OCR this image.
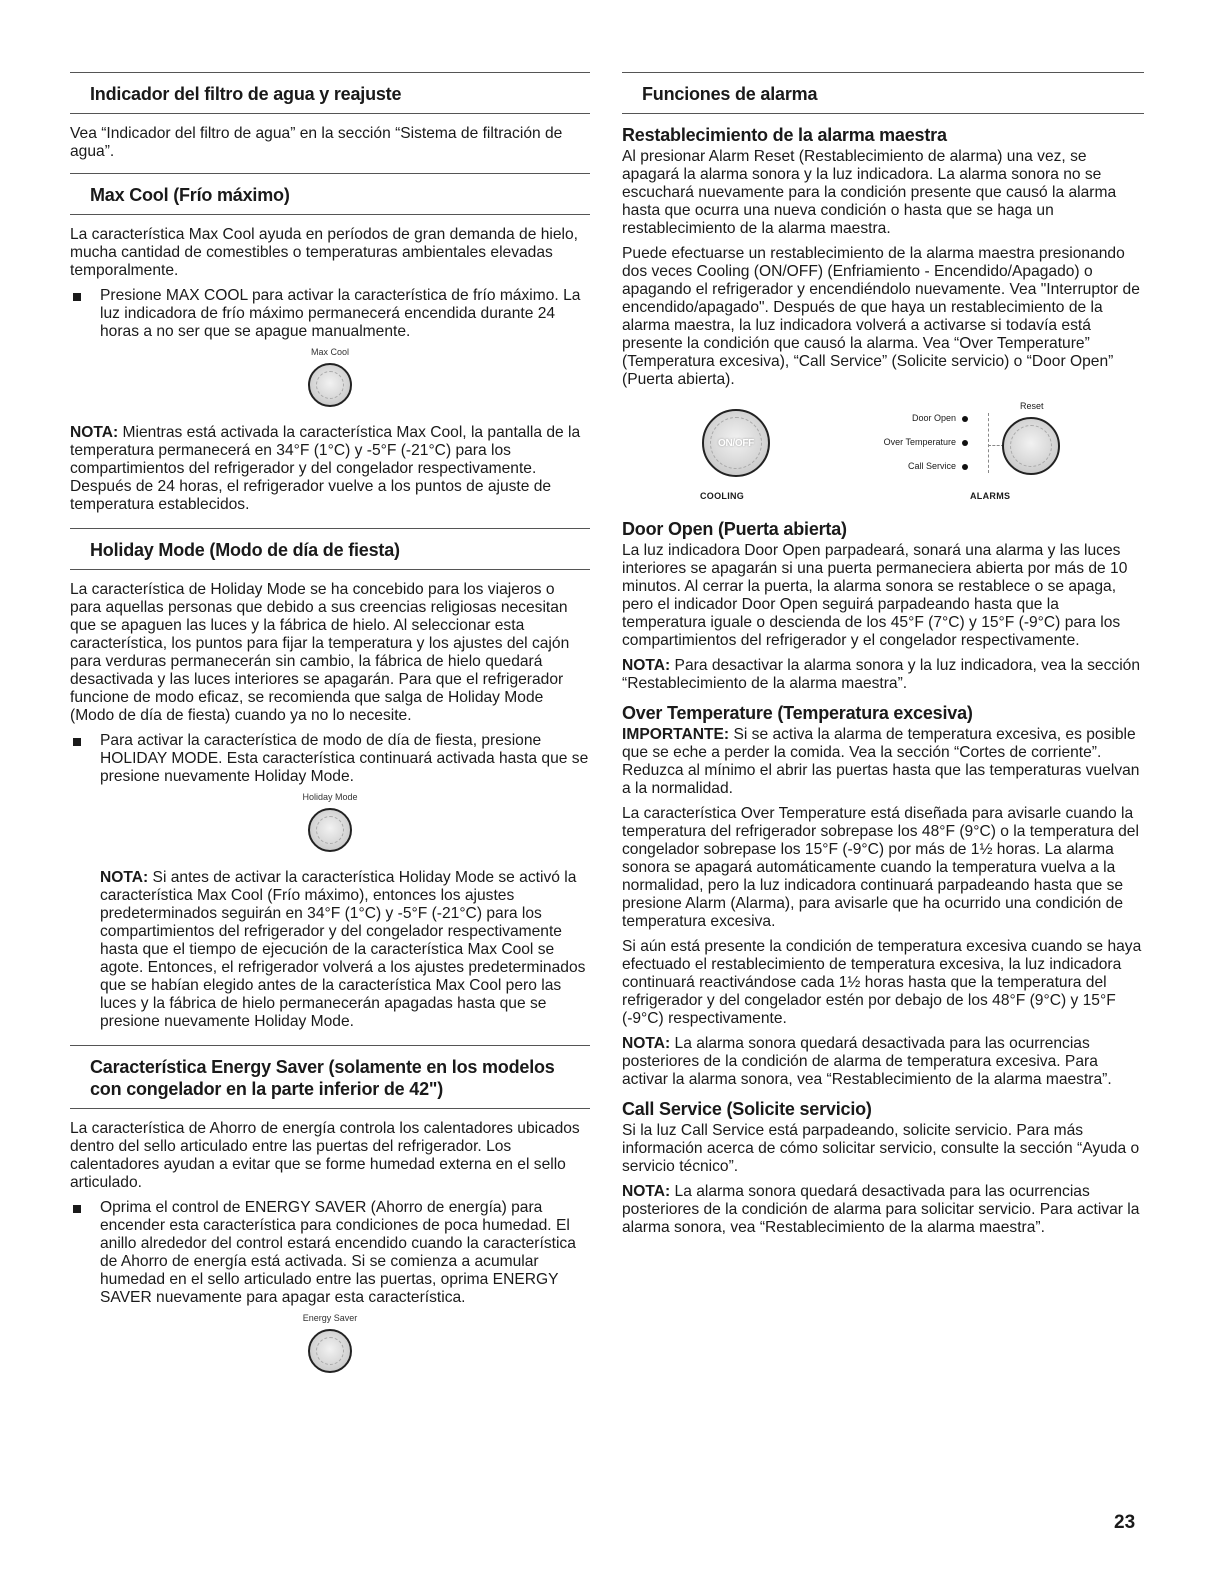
Indicador del filtro de agua y reajuste

Vea “Indicador del filtro de agua” en la sección “Sistema de filtración de agua”.

Max Cool (Frío máximo)

La característica Max Cool ayuda en períodos de gran demanda de hielo, mucha cantidad de comestibles o temperaturas ambientales elevadas temporalmente.

Presione MAX COOL para activar la característica de frío máximo. La luz indicadora de frío máximo permanecerá encendida durante 24 horas a no ser que se apague manualmente.
Max Cool

NOTA: Mientras está activada la característica Max Cool, la pantalla de la temperatura permanecerá en 34°F (1°C) y -5°F (-21°C) para los compartimientos del refrigerador y del congelador respectivamente. Después de 24 horas, el refrigerador vuelve a los puntos de ajuste de temperatura establecidos.

Holiday Mode (Modo de día de fiesta)

La característica de Holiday Mode se ha concebido para los viajeros o para aquellas personas que debido a sus creencias religiosas necesitan que se apaguen las luces y la fábrica de hielo. Al seleccionar esta característica, los puntos para fijar la temperatura y los ajustes del cajón para verduras permanecerán sin cambio, la fábrica de hielo quedará desactivada y las luces interiores se apagarán. Para que el refrigerador funcione de modo eficaz, se recomienda que salga de Holiday Mode (Modo de día de fiesta) cuando ya no lo necesite.

Para activar la característica de modo de día de fiesta, presione HOLIDAY MODE. Esta característica continuará activada hasta que se presione nuevamente Holiday Mode.
Holiday Mode

NOTA: Si antes de activar la característica Holiday Mode se activó la característica Max Cool (Frío máximo), entonces los ajustes predeterminados seguirán en 34°F (1°C) y -5°F (-21°C) para los compartimientos del refrigerador y del congelador respectivamente hasta que el tiempo de ejecución de la característica Max Cool se agote. Entonces, el refrigerador volverá a los ajustes predeterminados que se habían elegido antes de la característica Max Cool pero las luces y la fábrica de hielo permanecerán apagadas hasta que se presione nuevamente Holiday Mode.

Característica Energy Saver (solamente en los modelos con congelador en la parte inferior de 42")

La característica de Ahorro de energía controla los calentadores ubicados dentro del sello articulado entre las puertas del refrigerador. Los calentadores ayudan a evitar que se forme humedad externa en el sello articulado.

Oprima el control de ENERGY SAVER (Ahorro de energía) para encender esta característica para condiciones de poca humedad. El anillo alrededor del control estará encendido cuando la característica de Ahorro de energía está activada. Si se comienza a acumular humedad en el sello articulado entre las puertas, oprima ENERGY SAVER nuevamente para apagar esta característica.
Energy Saver
Funciones de alarma
Restablecimiento de la alarma maestra

Al presionar Alarm Reset (Restablecimiento de alarma) una vez, se apagará la alarma sonora y la luz indicadora. La alarma sonora no se escuchará nuevamente para la condición presente que causó la alarma hasta que ocurra una nueva condición o hasta que se haga un restablecimiento de la alarma maestra.

Puede efectuarse un restablecimiento de la alarma maestra presionando dos veces Cooling (ON/OFF) (Enfriamiento - Encendido/Apagado) o apagando el refrigerador y encendiéndolo nuevamente. Vea "Interruptor de encendido/apagado". Después de que haya un restablecimiento de la alarma maestra, la luz indicadora volverá a activarse si todavía está presente la condición que causó la alarma. Vea “Over Temperature” (Temperatura excesiva), “Call Service” (Solicite servicio) o “Door Open” (Puerta abierta).

ON/OFF
COOLING
Door Open
Over Temperature
Call Service
Reset
ALARMS
Door Open (Puerta abierta)

La luz indicadora Door Open parpadeará, sonará una alarma y las luces interiores se apagarán si una puerta permaneciera abierta por más de 10 minutos. Al cerrar la puerta, la alarma sonora se restablece o se apaga, pero el indicador Door Open seguirá parpadeando hasta que la temperatura iguale o descienda de los 45°F (7°C) y 15°F (-9°C) para los compartimientos del refrigerador y el congelador respectivamente.

NOTA: Para desactivar la alarma sonora y la luz indicadora, vea la sección “Restablecimiento de la alarma maestra”.

Over Temperature (Temperatura excesiva)

IMPORTANTE: Si se activa la alarma de temperatura excesiva, es posible que se eche a perder la comida. Vea la sección “Cortes de corriente”. Reduzca al mínimo el abrir las puertas hasta que las temperaturas vuelvan a la normalidad.

La característica Over Temperature está diseñada para avisarle cuando la temperatura del refrigerador sobrepase los 48°F (9°C) o la temperatura del congelador sobrepase los 15°F (-9°C) por más de 1½ horas. La alarma sonora se apagará automáticamente cuando la temperatura vuelva a la normalidad, pero la luz indicadora continuará parpadeando hasta que se presione Alarm (Alarma), para avisarle que ha ocurrido una condición de temperatura excesiva.

Si aún está presente la condición de temperatura excesiva cuando se haya efectuado el restablecimiento de temperatura excesiva, la luz indicadora continuará reactivándose cada 1½ horas hasta que la temperatura del refrigerador y del congelador estén por debajo de los 48°F (9°C) y 15°F (-9°C) respectivamente.

NOTA: La alarma sonora quedará desactivada para las ocurrencias posteriores de la condición de alarma de temperatura excesiva. Para activar la alarma sonora, vea “Restablecimiento de la alarma maestra”.

Call Service (Solicite servicio)

Si la luz Call Service está parpadeando, solicite servicio. Para más información acerca de cómo solicitar servicio, consulte la sección “Ayuda o servicio técnico”.

NOTA: La alarma sonora quedará desactivada para las ocurrencias posteriores de la condición de alarma para solicitar servicio. Para activar la alarma sonora, vea “Restablecimiento de la alarma maestra”.

23
